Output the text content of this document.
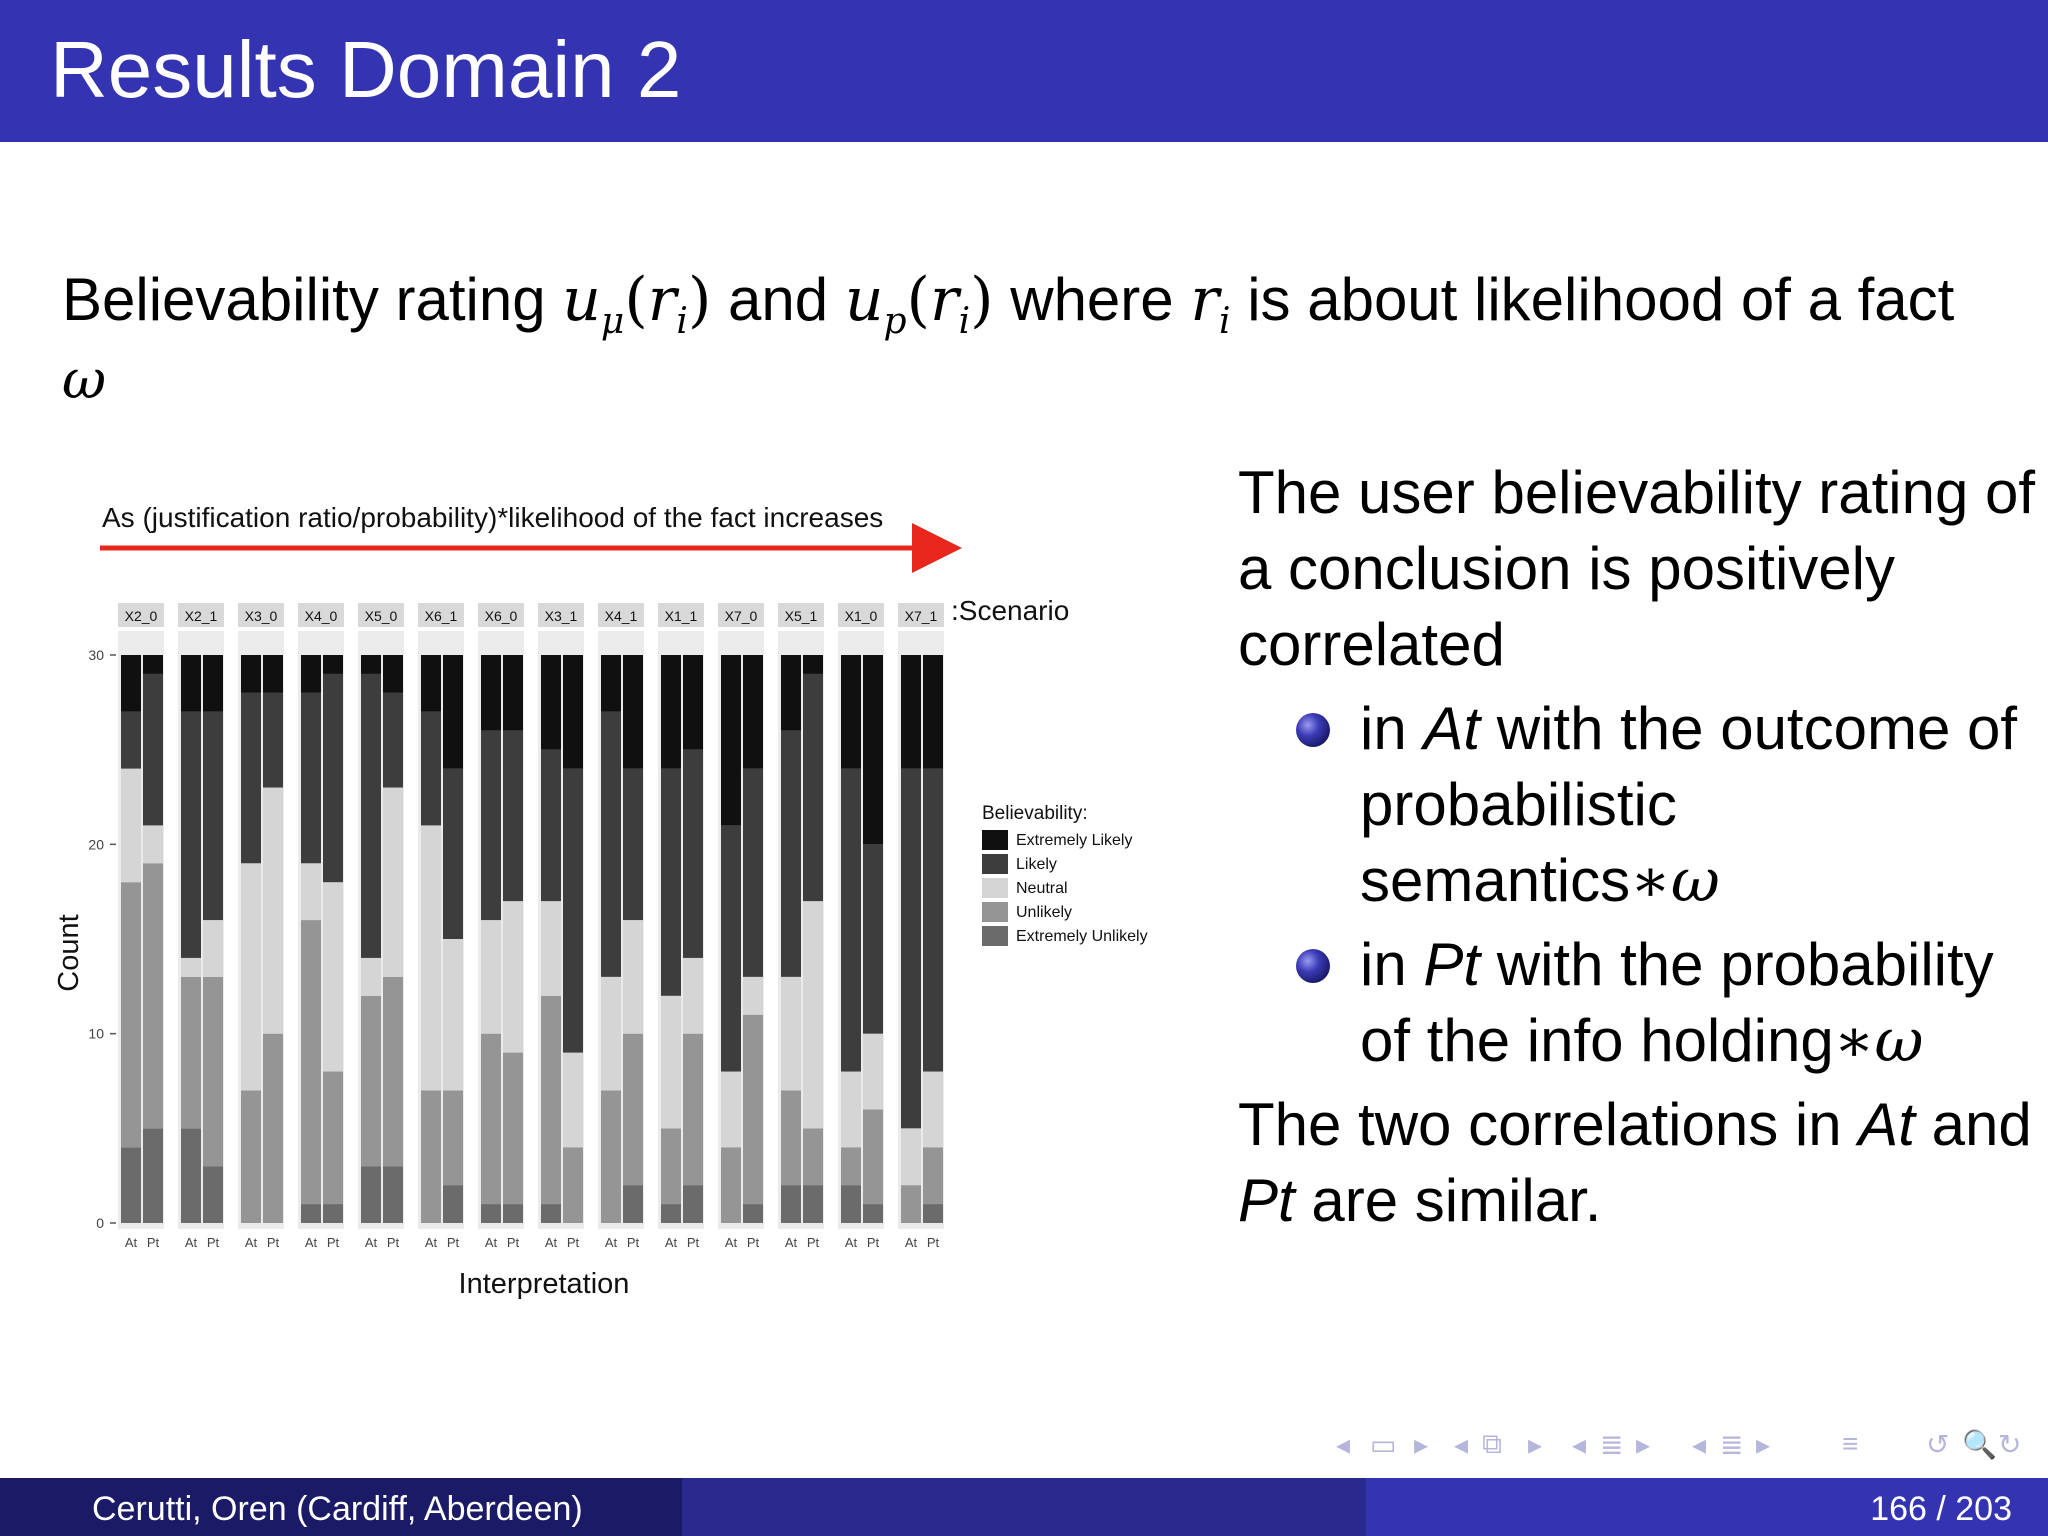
Results Domain 2
Believability rating $u_\mu(r_i)$ and $u_p(r_i)$ where $r_i$ is about likelihood of a fact
ω
As (justification ratio/probability)*likelihood of the fact increases
:Scenario
Count
Interpretation
Believability:
0
10
20
30
X2_0
At Pt
X2_1
At Pt
X3_0
At Pt
X4_0
At Pt
X5_0
At Pt
X6_1
At Pt
X6_0
At Pt
X3_1
At Pt
X4_1
At Pt
X1_1
At Pt
X7_0
At Pt
X5_1
At Pt
X1_0
At Pt
X7_1
At Pt
Extremely Likely
Likely
Neutral
Unlikely
Extremely Unlikely
The user believability rating of a conclusion is positively correlated
in At with the outcome of probabilistic semantics∗ω
in Pt with the probability of the info holding∗ω
The two correlations in At and Pt are similar.
◂ ▭ ▸ ◂ ⧉ ▸ ◂ ≣ ▸ ◂ ≣ ▸	≡ ↺ 🔍 ↻
Cerutti, Oren (Cardiff, Aberdeen)	166 / 203
